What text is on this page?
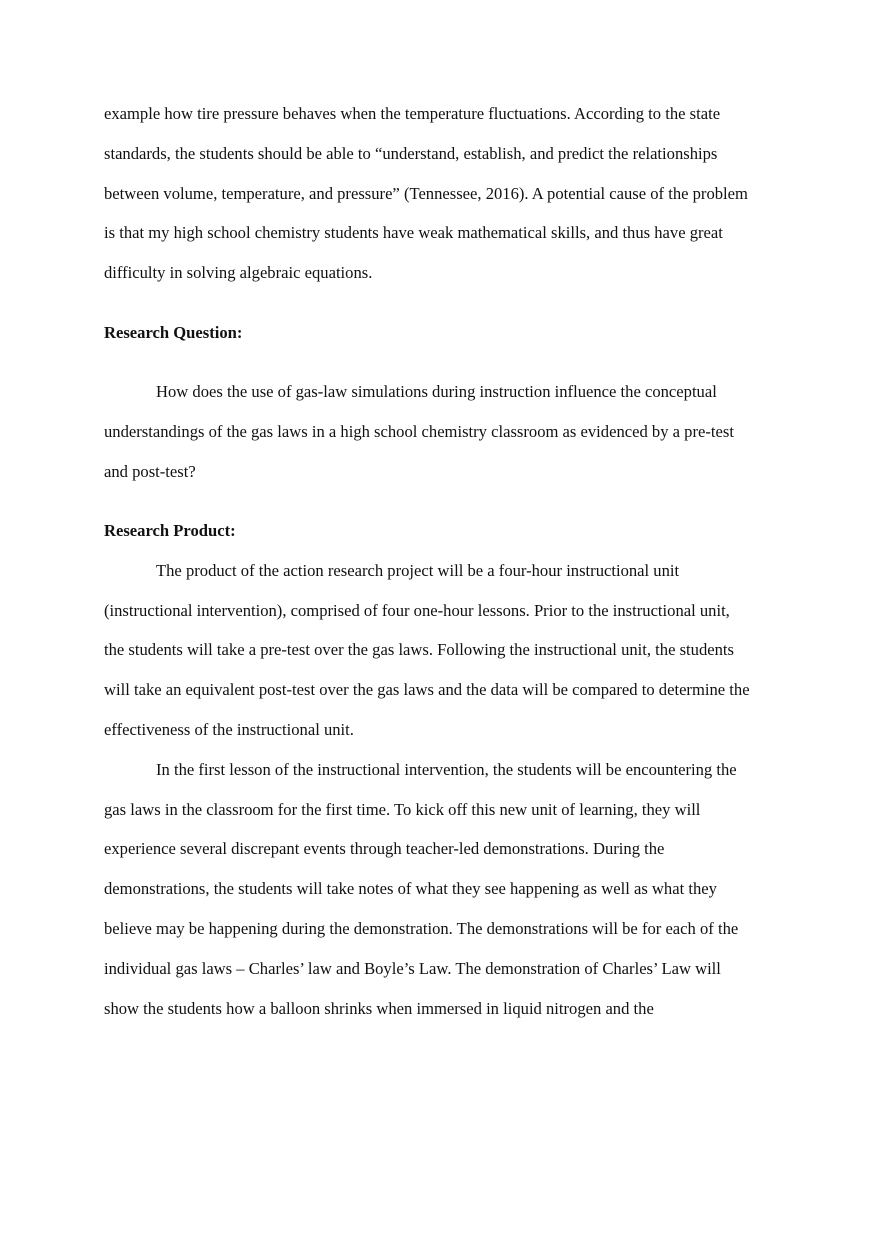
example how tire pressure behaves when the temperature fluctuations. According to the state
standards, the students should be able to “understand, establish, and predict the relationships
between volume, temperature, and pressure” (Tennessee, 2016). A potential cause of the problem
is that my high school chemistry students have weak mathematical skills, and thus have great
difficulty in solving algebraic equations.
Research Question:
How does the use of gas-law simulations during instruction influence the conceptual
understandings of the gas laws in a high school chemistry classroom as evidenced by a pre-test
and post-test?
Research Product:
The product of the action research project will be a four-hour instructional unit
(instructional intervention), comprised of four one-hour lessons. Prior to the instructional unit,
the students will take a pre-test over the gas laws. Following the instructional unit, the students
will take an equivalent post-test over the gas laws and the data will be compared to determine the
effectiveness of the instructional unit.
In the first lesson of the instructional intervention, the students will be encountering the
gas laws in the classroom for the first time. To kick off this new unit of learning, they will
experience several discrepant events through teacher-led demonstrations. During the
demonstrations, the students will take notes of what they see happening as well as what they
believe may be happening during the demonstration. The demonstrations will be for each of the
individual gas laws – Charles’ law and Boyle’s Law. The demonstration of Charles’ Law will
show the students how a balloon shrinks when immersed in liquid nitrogen and the
